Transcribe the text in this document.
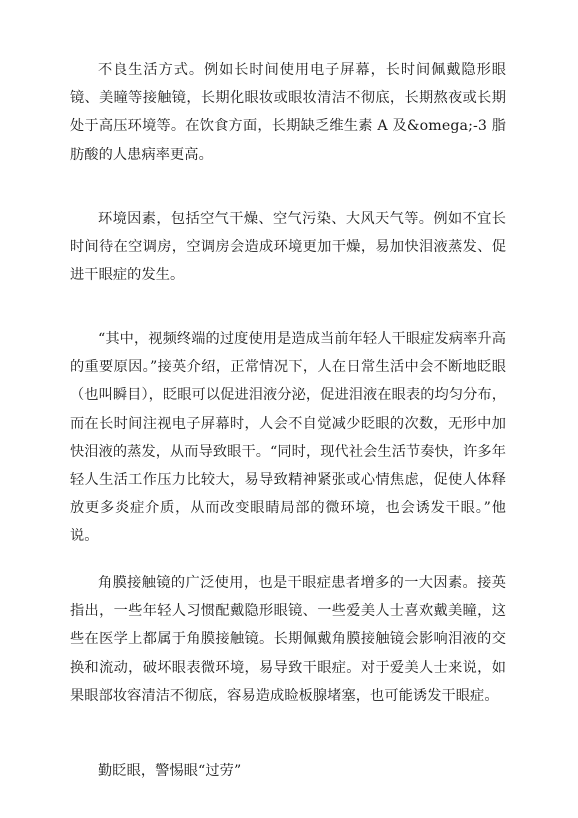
不良生活方式。例如长时间使用电子屏幕，长时间佩戴隐形眼镜、美瞳等接触镜，长期化眼妆或眼妆清洁不彻底，长期熬夜或长期处于高压环境等。在饮食方面，长期缺乏维生素 A 及&omega;-3 脂肪酸的人患病率更高。

环境因素，包括空气干燥、空气污染、大风天气等。例如不宜长时间待在空调房，空调房会造成环境更加干燥，易加快泪液蒸发、促进干眼症的发生。

“其中，视频终端的过度使用是造成当前年轻人干眼症发病率升高的重要原因。”接英介绍，正常情况下，人在日常生活中会不断地眨眼（也叫瞬目），眨眼可以促进泪液分泌，促进泪液在眼表的均匀分布，而在长时间注视电子屏幕时，人会不自觉减少眨眼的次数，无形中加快泪液的蒸发，从而导致眼干。“同时，现代社会生活节奏快，许多年轻人生活工作压力比较大，易导致精神紧张或心情焦虑，促使人体释放更多炎症介质，从而改变眼睛局部的微环境，也会诱发干眼。”他说。

角膜接触镜的广泛使用，也是干眼症患者增多的一大因素。接英指出，一些年轻人习惯配戴隐形眼镜、一些爱美人士喜欢戴美瞳，这些在医学上都属于角膜接触镜。长期佩戴角膜接触镜会影响泪液的交换和流动，破坏眼表微环境，易导致干眼症。对于爱美人士来说，如果眼部妆容清洁不彻底，容易造成睑板腺堵塞，也可能诱发干眼症。

勤眨眼，警惕眼“过劳”
